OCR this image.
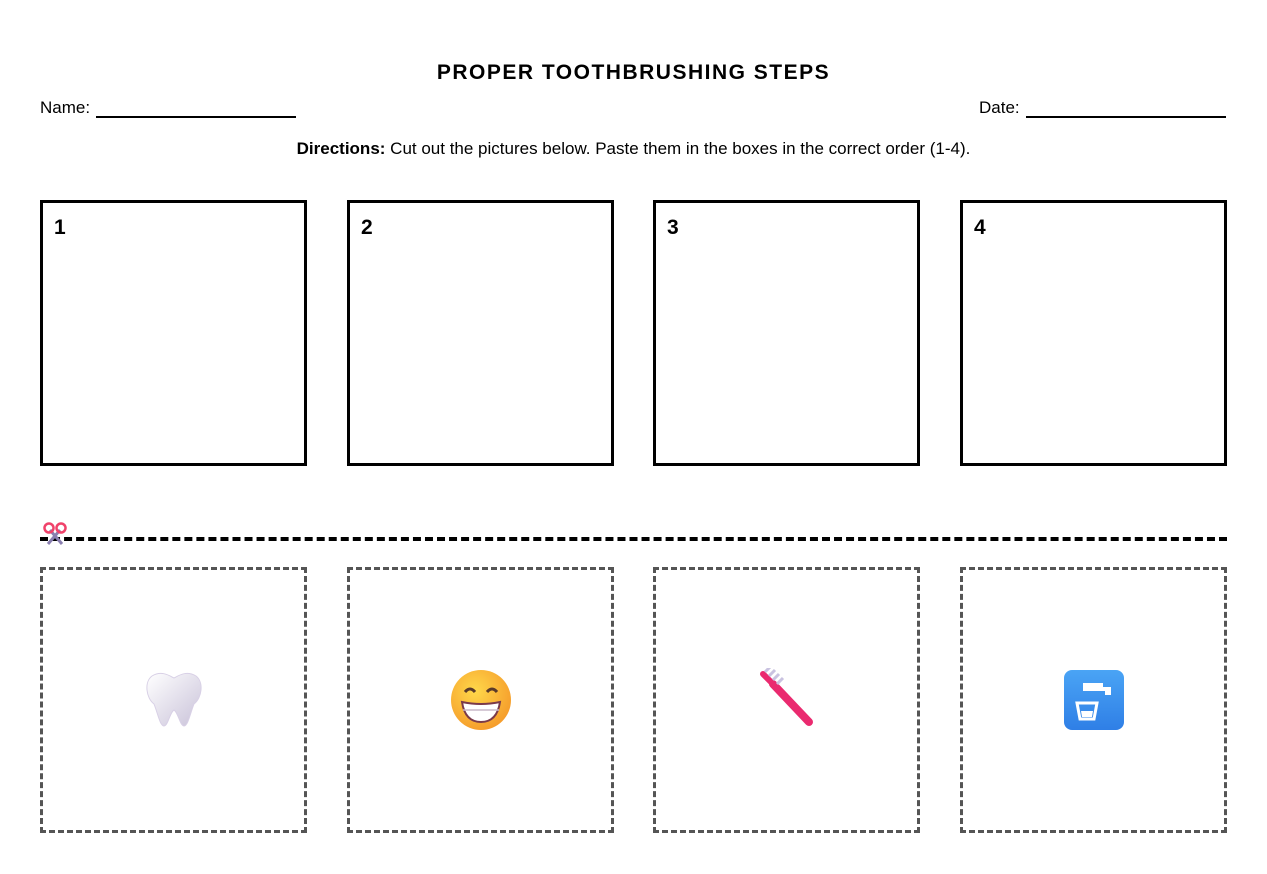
PROPER TOOTHBRUSHING STEPS
Name:	Date:
Directions: Cut out the pictures below. Paste them in the boxes in the correct order (1-4).
1	2	3	4
